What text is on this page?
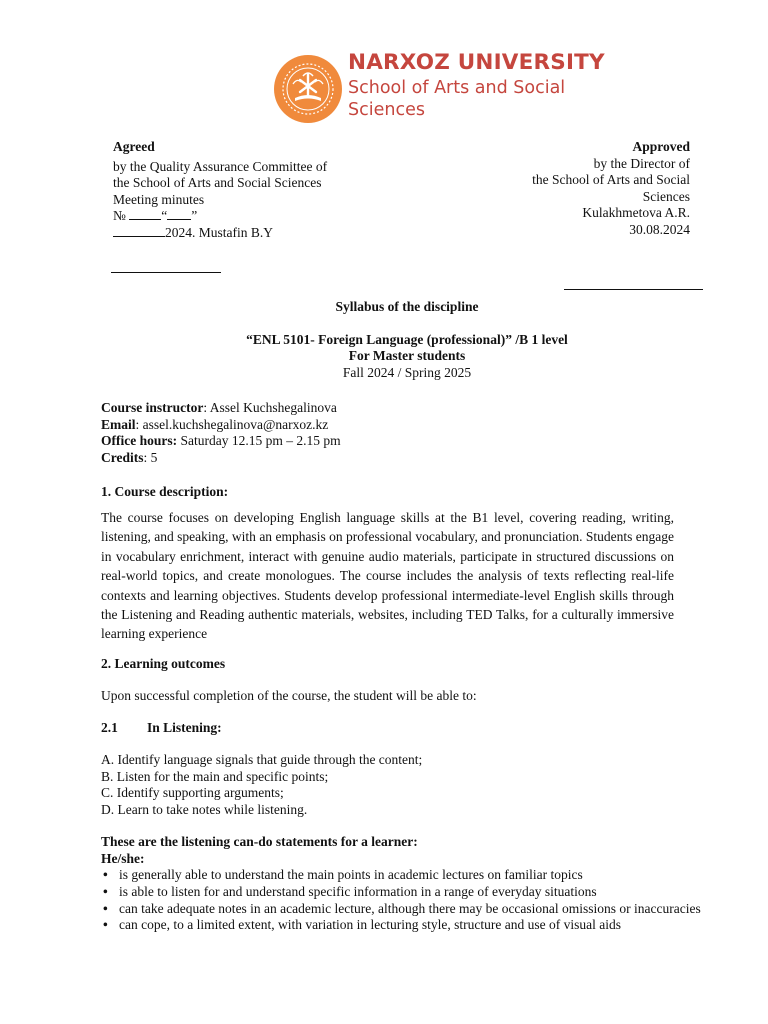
NARXOZ UNIVERSITY
School of Arts and Social
Sciences
Agreed
by the Quality Assurance Committee of
the School of Arts and Social Sciences
Meeting minutes
№	“ ”
2024. Mustafin B.Y
Approved
by the Director of
the School of Arts and Social
Sciences
Kulakhmetova A.R.
30.08.2024
Syllabus of the discipline
“ENL 5101- Foreign Language (professional)” /B 1 level
For Master students
Fall 2024 / Spring 2025
Course instructor: Assel Kuchshegalinova
Email: assel.kuchshegalinova@narxoz.kz
Office hours: Saturday 12.15 pm – 2.15 pm
Credits: 5
1. Course description:
The course focuses on developing English language skills at the B1 level, covering reading, writing, listening, and speaking, with an emphasis on professional vocabulary, and pronunciation. Students engage in vocabulary enrichment, interact with genuine audio materials, participate in structured discussions on real-world topics, and create monologues. The course includes the analysis of texts reflecting real-life contexts and learning objectives. Students develop professional intermediate-level English skills through the Listening and Reading authentic materials, websites, including TED Talks, for a culturally immersive learning experience
2. Learning outcomes
Upon successful completion of the course, the student will be able to:
2.1 In Listening:
A. Identify language signals that guide through the content;
B. Listen for the main and specific points;
C. Identify supporting arguments;
D. Learn to take notes while listening.
These are the listening can-do statements for a learner:
He/she:
• is generally able to understand the main points in academic lectures on familiar topics
• is able to listen for and understand specific information in a range of everyday situations
• can take adequate notes in an academic lecture, although there may be occasional omissions or inaccuracies
• can cope, to a limited extent, with variation in lecturing style, structure and use of visual aids
